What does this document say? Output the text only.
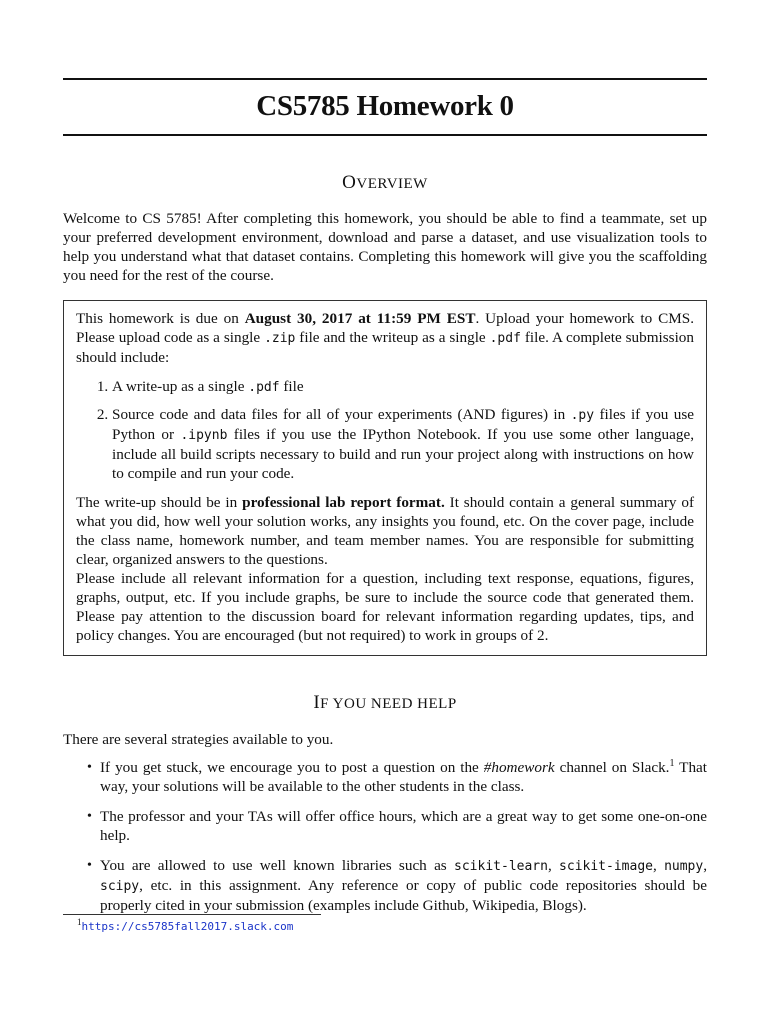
CS5785 Homework 0
OVERVIEW

Welcome to CS 5785! After completing this homework, you should be able to find a teammate, set up your preferred development environment, download and parse a dataset, and use visualization tools to help you understand what that dataset contains. Completing this homework will give you the scaffolding you need for the rest of the course.

This homework is due on August 30, 2017 at 11:59 PM EST. Upload your homework to CMS. Please upload code as a single .zip file and the writeup as a single .pdf file. A complete submission should include:

1. A write-up as a single .pdf file
2. Source code and data files for all of your experiments (AND figures) in .py files if you use Python or .ipynb files if you use the IPython Notebook. If you use some other language, include all build scripts necessary to build and run your project along with instructions on how to compile and run your code.

The write-up should be in professional lab report format. It should contain a general summary of what you did, how well your solution works, any insights you found, etc. On the cover page, include the class name, homework number, and team member names. You are responsible for submitting clear, organized answers to the questions.

Please include all relevant information for a question, including text response, equations, figures, graphs, output, etc. If you include graphs, be sure to include the source code that generated them. Please pay attention to the discussion board for relevant information regarding updates, tips, and policy changes. You are encouraged (but not required) to work in groups of 2.

IF YOU NEED HELP

There are several strategies available to you.

• If you get stuck, we encourage you to post a question on the #homework channel on Slack.$^1$ That way, your solutions will be available to the other students in the class.
• The professor and your TAs will offer office hours, which are a great way to get some one-on-one help.
• You are allowed to use well known libraries such as scikit-learn, scikit-image, numpy, scipy, etc. in this assignment. Any reference or copy of public code repositories should be properly cited in your submission (examples include Github, Wikipedia, Blogs).
$^1$https://cs5785fall2017.slack.com
